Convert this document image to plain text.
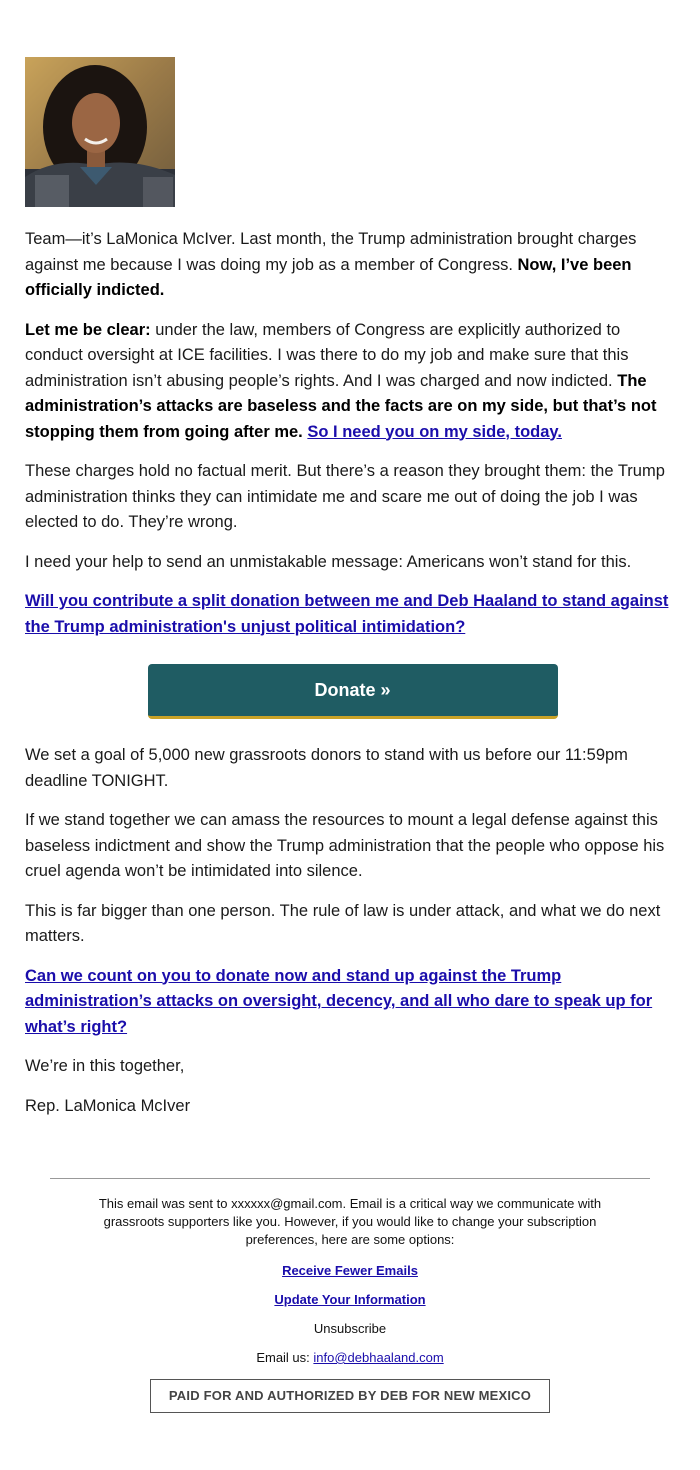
Team—it’s LaMonica McIver. Last month, the Trump administration brought charges against me because I was doing my job as a member of Congress. Now, I’ve been officially indicted.

Let me be clear: under the law, members of Congress are explicitly authorized to conduct oversight at ICE facilities. I was there to do my job and make sure that this administration isn’t abusing people’s rights. And I was charged and now indicted. The administration’s attacks are baseless and the facts are on my side, but that’s not stopping them from going after me. So I need you on my side, today.

These charges hold no factual merit. But there’s a reason they brought them: the Trump administration thinks they can intimidate me and scare me out of doing the job I was elected to do. They’re wrong.

I need your help to send an unmistakable message: Americans won’t stand for this.

Will you contribute a split donation between me and Deb Haaland to stand against the Trump administration's unjust political intimidation?

Donate »

We set a goal of 5,000 new grassroots donors to stand with us before our 11:59pm deadline TONIGHT.

If we stand together we can amass the resources to mount a legal defense against this baseless indictment and show the Trump administration that the people who oppose his cruel agenda won’t be intimidated into silence.

This is far bigger than one person. The rule of law is under attack, and what we do next matters.

Can we count on you to donate now and stand up against the Trump administration’s attacks on oversight, decency, and all who dare to speak up for what’s right?

We’re in this together,

Rep. LaMonica McIver

This email was sent to xxxxxx@gmail.com. Email is a critical way we communicate with grassroots supporters like you. However, if you would like to change your subscription preferences, here are some options:
Receive Fewer Emails
Update Your Information
Unsubscribe
Email us: info@debhaaland.com
PAID FOR AND AUTHORIZED BY DEB FOR NEW MEXICO
